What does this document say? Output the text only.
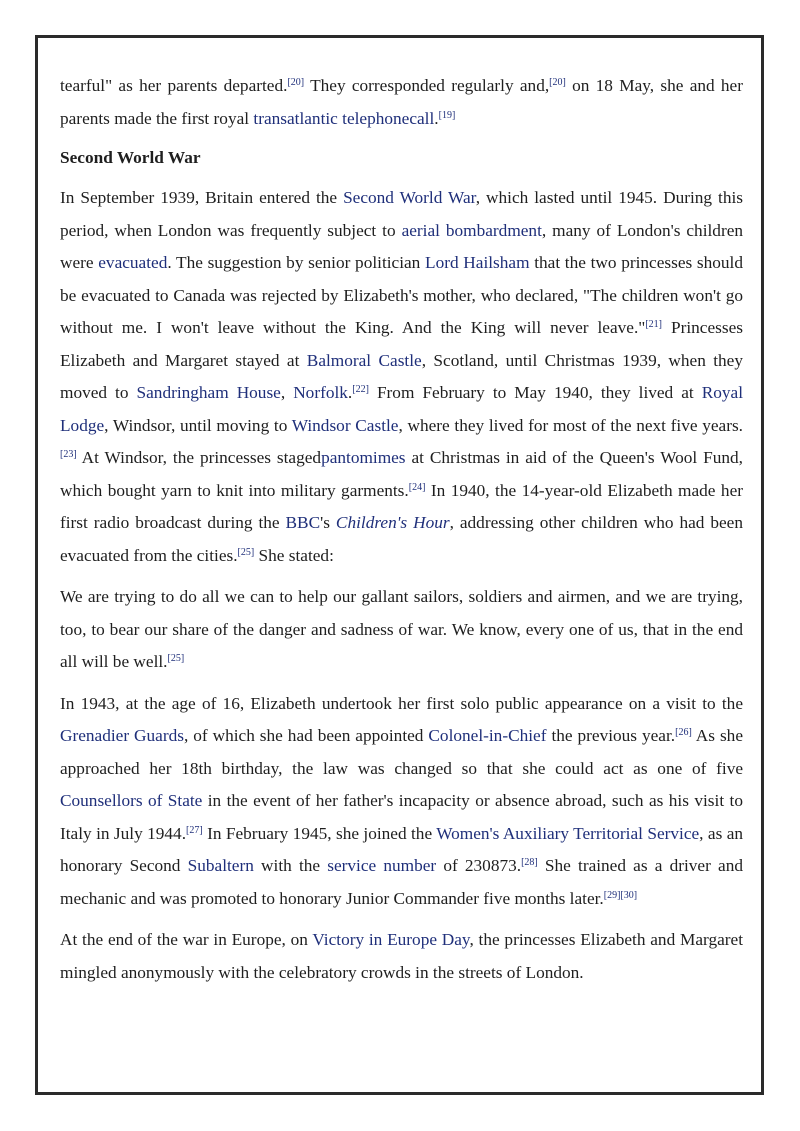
tearful" as her parents departed.[20] They corresponded regularly and,[20] on 18 May, she and her parents made the first royal transatlantic telephonecall.[19]

Second World War

In September 1939, Britain entered the Second World War, which lasted until 1945. During this period, when London was frequently subject to aerial bombardment, many of London's children were evacuated. The suggestion by senior politician Lord Hailsham that the two princesses should be evacuated to Canada was rejected by Elizabeth's mother, who declared, "The children won't go without me. I won't leave without the King. And the King will never leave."[21] Princesses Elizabeth and Margaret stayed at Balmoral Castle, Scotland, until Christmas 1939, when they moved to Sandringham House, Norfolk.[22] From February to May 1940, they lived at Royal Lodge, Windsor, until moving to Windsor Castle, where they lived for most of the next five years.[23] At Windsor, the princesses stagedpantomimes at Christmas in aid of the Queen's Wool Fund, which bought yarn to knit into military garments.[24] In 1940, the 14-year-old Elizabeth made her first radio broadcast during the BBC's Children's Hour, addressing other children who had been evacuated from the cities.[25] She stated:

We are trying to do all we can to help our gallant sailors, soldiers and airmen, and we are trying, too, to bear our share of the danger and sadness of war. We know, every one of us, that in the end all will be well.[25]

In 1943, at the age of 16, Elizabeth undertook her first solo public appearance on a visit to the Grenadier Guards, of which she had been appointed Colonel-in-Chief the previous year.[26] As she approached her 18th birthday, the law was changed so that she could act as one of five Counsellors of State in the event of her father's incapacity or absence abroad, such as his visit to Italy in July 1944.[27] In February 1945, she joined the Women's Auxiliary Territorial Service, as an honorary Second Subaltern with the service number of 230873.[28] She trained as a driver and mechanic and was promoted to honorary Junior Commander five months later.[29][30]

At the end of the war in Europe, on Victory in Europe Day, the princesses Elizabeth and Margaret mingled anonymously with the celebratory crowds in the streets of London.
